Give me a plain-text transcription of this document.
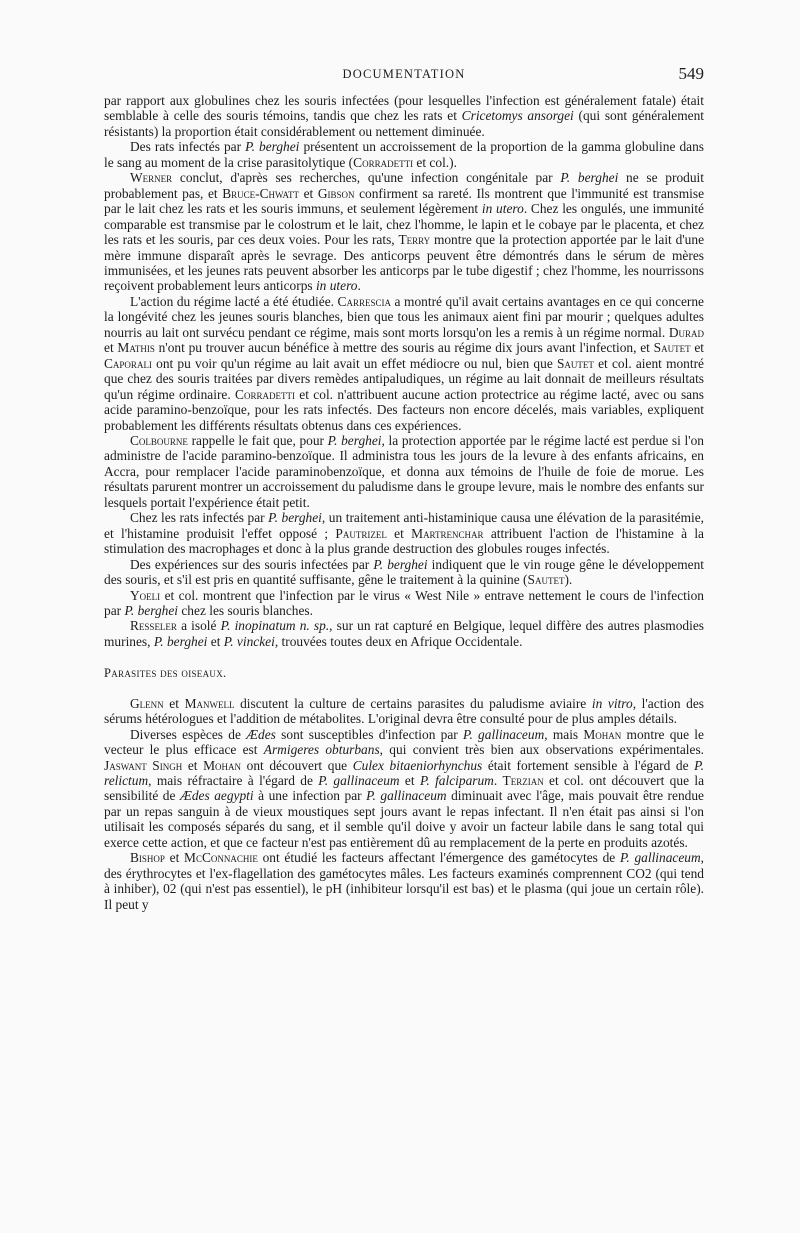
DOCUMENTATION	549

par rapport aux globulines chez les souris infectées (pour lesquelles l'infection est généralement fatale) était semblable à celle des souris témoins, tandis que chez les rats et Cricetomys ansorgei (qui sont généralement résistants) la proportion était considérablement ou nettement diminuée.

Des rats infectés par P. berghei présentent un accroissement de la proportion de la gamma globuline dans le sang au moment de la crise parasitolytique (Corradetti et col.).

Werner conclut, d'après ses recherches, qu'une infection congénitale par P. berghei ne se produit probablement pas, et Bruce-Chwatt et Gibson confirment sa rareté. Ils montrent que l'immunité est transmise par le lait chez les rats et les souris immuns, et seulement légèrement in utero. Chez les ongulés, une immunité comparable est transmise par le colostrum et le lait, chez l'homme, le lapin et le cobaye par le placenta, et chez les rats et les souris, par ces deux voies. Pour les rats, Terry montre que la protection apportée par le lait d'une mère immune disparaît après le sevrage. Des anticorps peuvent être démontrés dans le sérum de mères immunisées, et les jeunes rats peuvent absorber les anticorps par le tube digestif ; chez l'homme, les nourrissons reçoivent probablement leurs anticorps in utero.

L'action du régime lacté a été étudiée. Carrescia a montré qu'il avait certains avantages en ce qui concerne la longévité chez les jeunes souris blanches, bien que tous les animaux aient fini par mourir ; quelques adultes nourris au lait ont survécu pendant ce régime, mais sont morts lorsqu'on les a remis à un régime normal. Durad et Mathis n'ont pu trouver aucun bénéfice à mettre des souris au régime dix jours avant l'infection, et Sautet et Caporali ont pu voir qu'un régime au lait avait un effet médiocre ou nul, bien que Sautet et col. aient montré que chez des souris traitées par divers remèdes antipaludiques, un régime au lait donnait de meilleurs résultats qu'un régime ordinaire. Corradetti et col. n'attribuent aucune action protectrice au régime lacté, avec ou sans acide paramino-benzoïque, pour les rats infectés. Des facteurs non encore décelés, mais variables, expliquent probablement les différents résultats obtenus dans ces expériences.

Colbourne rappelle le fait que, pour P. berghei, la protection apportée par le régime lacté est perdue si l'on administre de l'acide paramino-benzoïque. Il administra tous les jours de la levure à des enfants africains, en Accra, pour remplacer l'acide paraminobenzoïque, et donna aux témoins de l'huile de foie de morue. Les résultats parurent montrer un accroissement du paludisme dans le groupe levure, mais le nombre des enfants sur lesquels portait l'expérience était petit.

Chez les rats infectés par P. berghei, un traitement anti-histaminique causa une élévation de la parasitémie, et l'histamine produisit l'effet opposé ; Pautrizel et Martrenchar attribuent l'action de l'histamine à la stimulation des macrophages et donc à la plus grande destruction des globules rouges infectés.

Des expériences sur des souris infectées par P. berghei indiquent que le vin rouge gêne le développement des souris, et s'il est pris en quantité suffisante, gêne le traitement à la quinine (Sautet).

Yoeli et col. montrent que l'infection par le virus « West Nile » entrave nettement le cours de l'infection par P. berghei chez les souris blanches.

Resseler a isolé P. inopinatum n. sp., sur un rat capturé en Belgique, lequel diffère des autres plasmodies murines, P. berghei et P. vinckei, trouvées toutes deux en Afrique Occidentale.

Parasites des oiseaux.

Glenn et Manwell discutent la culture de certains parasites du paludisme aviaire in vitro, l'action des sérums hétérologues et l'addition de métabolites. L'original devra être consulté pour de plus amples détails.

Diverses espèces de Ædes sont susceptibles d'infection par P. gallinaceum, mais Mohan montre que le vecteur le plus efficace est Armigeres obturbans, qui convient très bien aux observations expérimentales. Jaswant Singh et Mohan ont découvert que Culex bitaeniorhynchus était fortement sensible à l'égard de P. relictum, mais réfractaire à l'égard de P. gallinaceum et P. falciparum. Terzian et col. ont découvert que la sensibilité de Ædes aegypti à une infection par P. gallinaceum diminuait avec l'âge, mais pouvait être rendue par un repas sanguin à de vieux moustiques sept jours avant le repas infectant. Il n'en était pas ainsi si l'on utilisait les composés séparés du sang, et il semble qu'il doive y avoir un facteur labile dans le sang total qui exerce cette action, et que ce facteur n'est pas entièrement dû au remplacement de la perte en produits azotés.

Bishop et McConnachie ont étudié les facteurs affectant l'émergence des gamétocytes de P. gallinaceum, des érythrocytes et l'ex-flagellation des gamétocytes mâles. Les facteurs examinés comprennent CO2 (qui tend à inhiber), 02 (qui n'est pas essentiel), le pH (inhibiteur lorsqu'il est bas) et le plasma (qui joue un certain rôle). Il peut y
